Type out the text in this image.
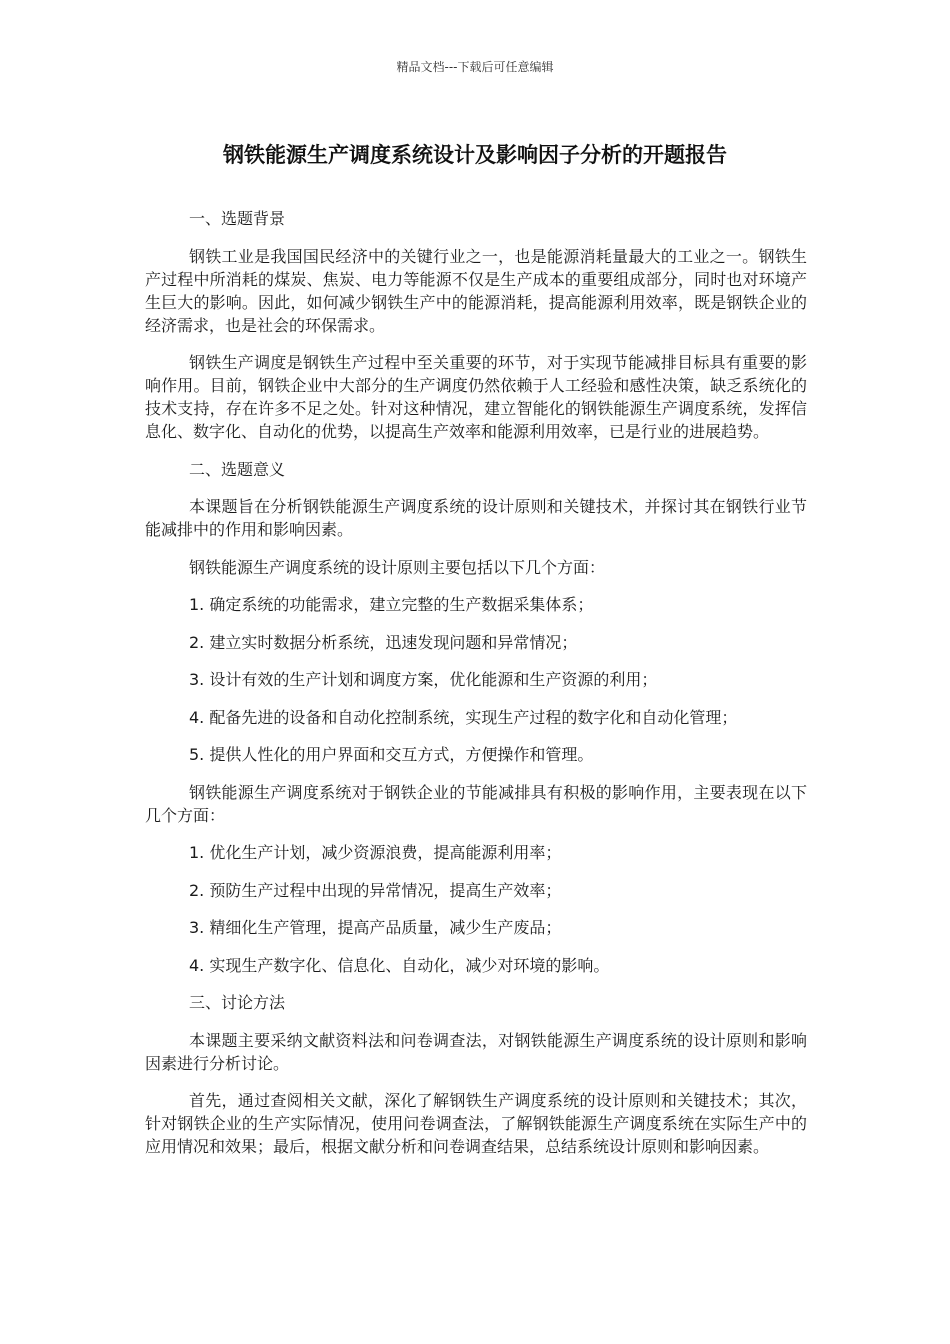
精品文档---下载后可任意编辑
钢铁能源生产调度系统设计及影响因子分析的开题报告

一、选题背景

钢铁工业是我国国民经济中的关键行业之一，也是能源消耗量最大的工业之一。钢铁生产过程中所消耗的煤炭、焦炭、电力等能源不仅是生产成本的重要组成部分，同时也对环境产生巨大的影响。因此，如何减少钢铁生产中的能源消耗，提高能源利用效率，既是钢铁企业的经济需求，也是社会的环保需求。

钢铁生产调度是钢铁生产过程中至关重要的环节，对于实现节能减排目标具有重要的影响作用。目前，钢铁企业中大部分的生产调度仍然依赖于人工经验和感性决策，缺乏系统化的技术支持，存在许多不足之处。针对这种情况，建立智能化的钢铁能源生产调度系统，发挥信息化、数字化、自动化的优势，以提高生产效率和能源利用效率，已是行业的进展趋势。

二、选题意义

本课题旨在分析钢铁能源生产调度系统的设计原则和关键技术，并探讨其在钢铁行业节能减排中的作用和影响因素。

钢铁能源生产调度系统的设计原则主要包括以下几个方面：

1. 确定系统的功能需求，建立完整的生产数据采集体系；

2. 建立实时数据分析系统，迅速发现问题和异常情况；

3. 设计有效的生产计划和调度方案，优化能源和生产资源的利用；

4. 配备先进的设备和自动化控制系统，实现生产过程的数字化和自动化管理；

5. 提供人性化的用户界面和交互方式，方便操作和管理。

钢铁能源生产调度系统对于钢铁企业的节能减排具有积极的影响作用，主要表现在以下几个方面：

1. 优化生产计划，减少资源浪费，提高能源利用率；

2. 预防生产过程中出现的异常情况，提高生产效率；

3. 精细化生产管理，提高产品质量，减少生产废品；

4. 实现生产数字化、信息化、自动化，减少对环境的影响。

三、讨论方法

本课题主要采纳文献资料法和问卷调查法，对钢铁能源生产调度系统的设计原则和影响因素进行分析讨论。

首先，通过查阅相关文献，深化了解钢铁生产调度系统的设计原则和关键技术；其次，针对钢铁企业的生产实际情况，使用问卷调查法，了解钢铁能源生产调度系统在实际生产中的应用情况和效果；最后，根据文献分析和问卷调查结果，总结系统设计原则和影响因素。
